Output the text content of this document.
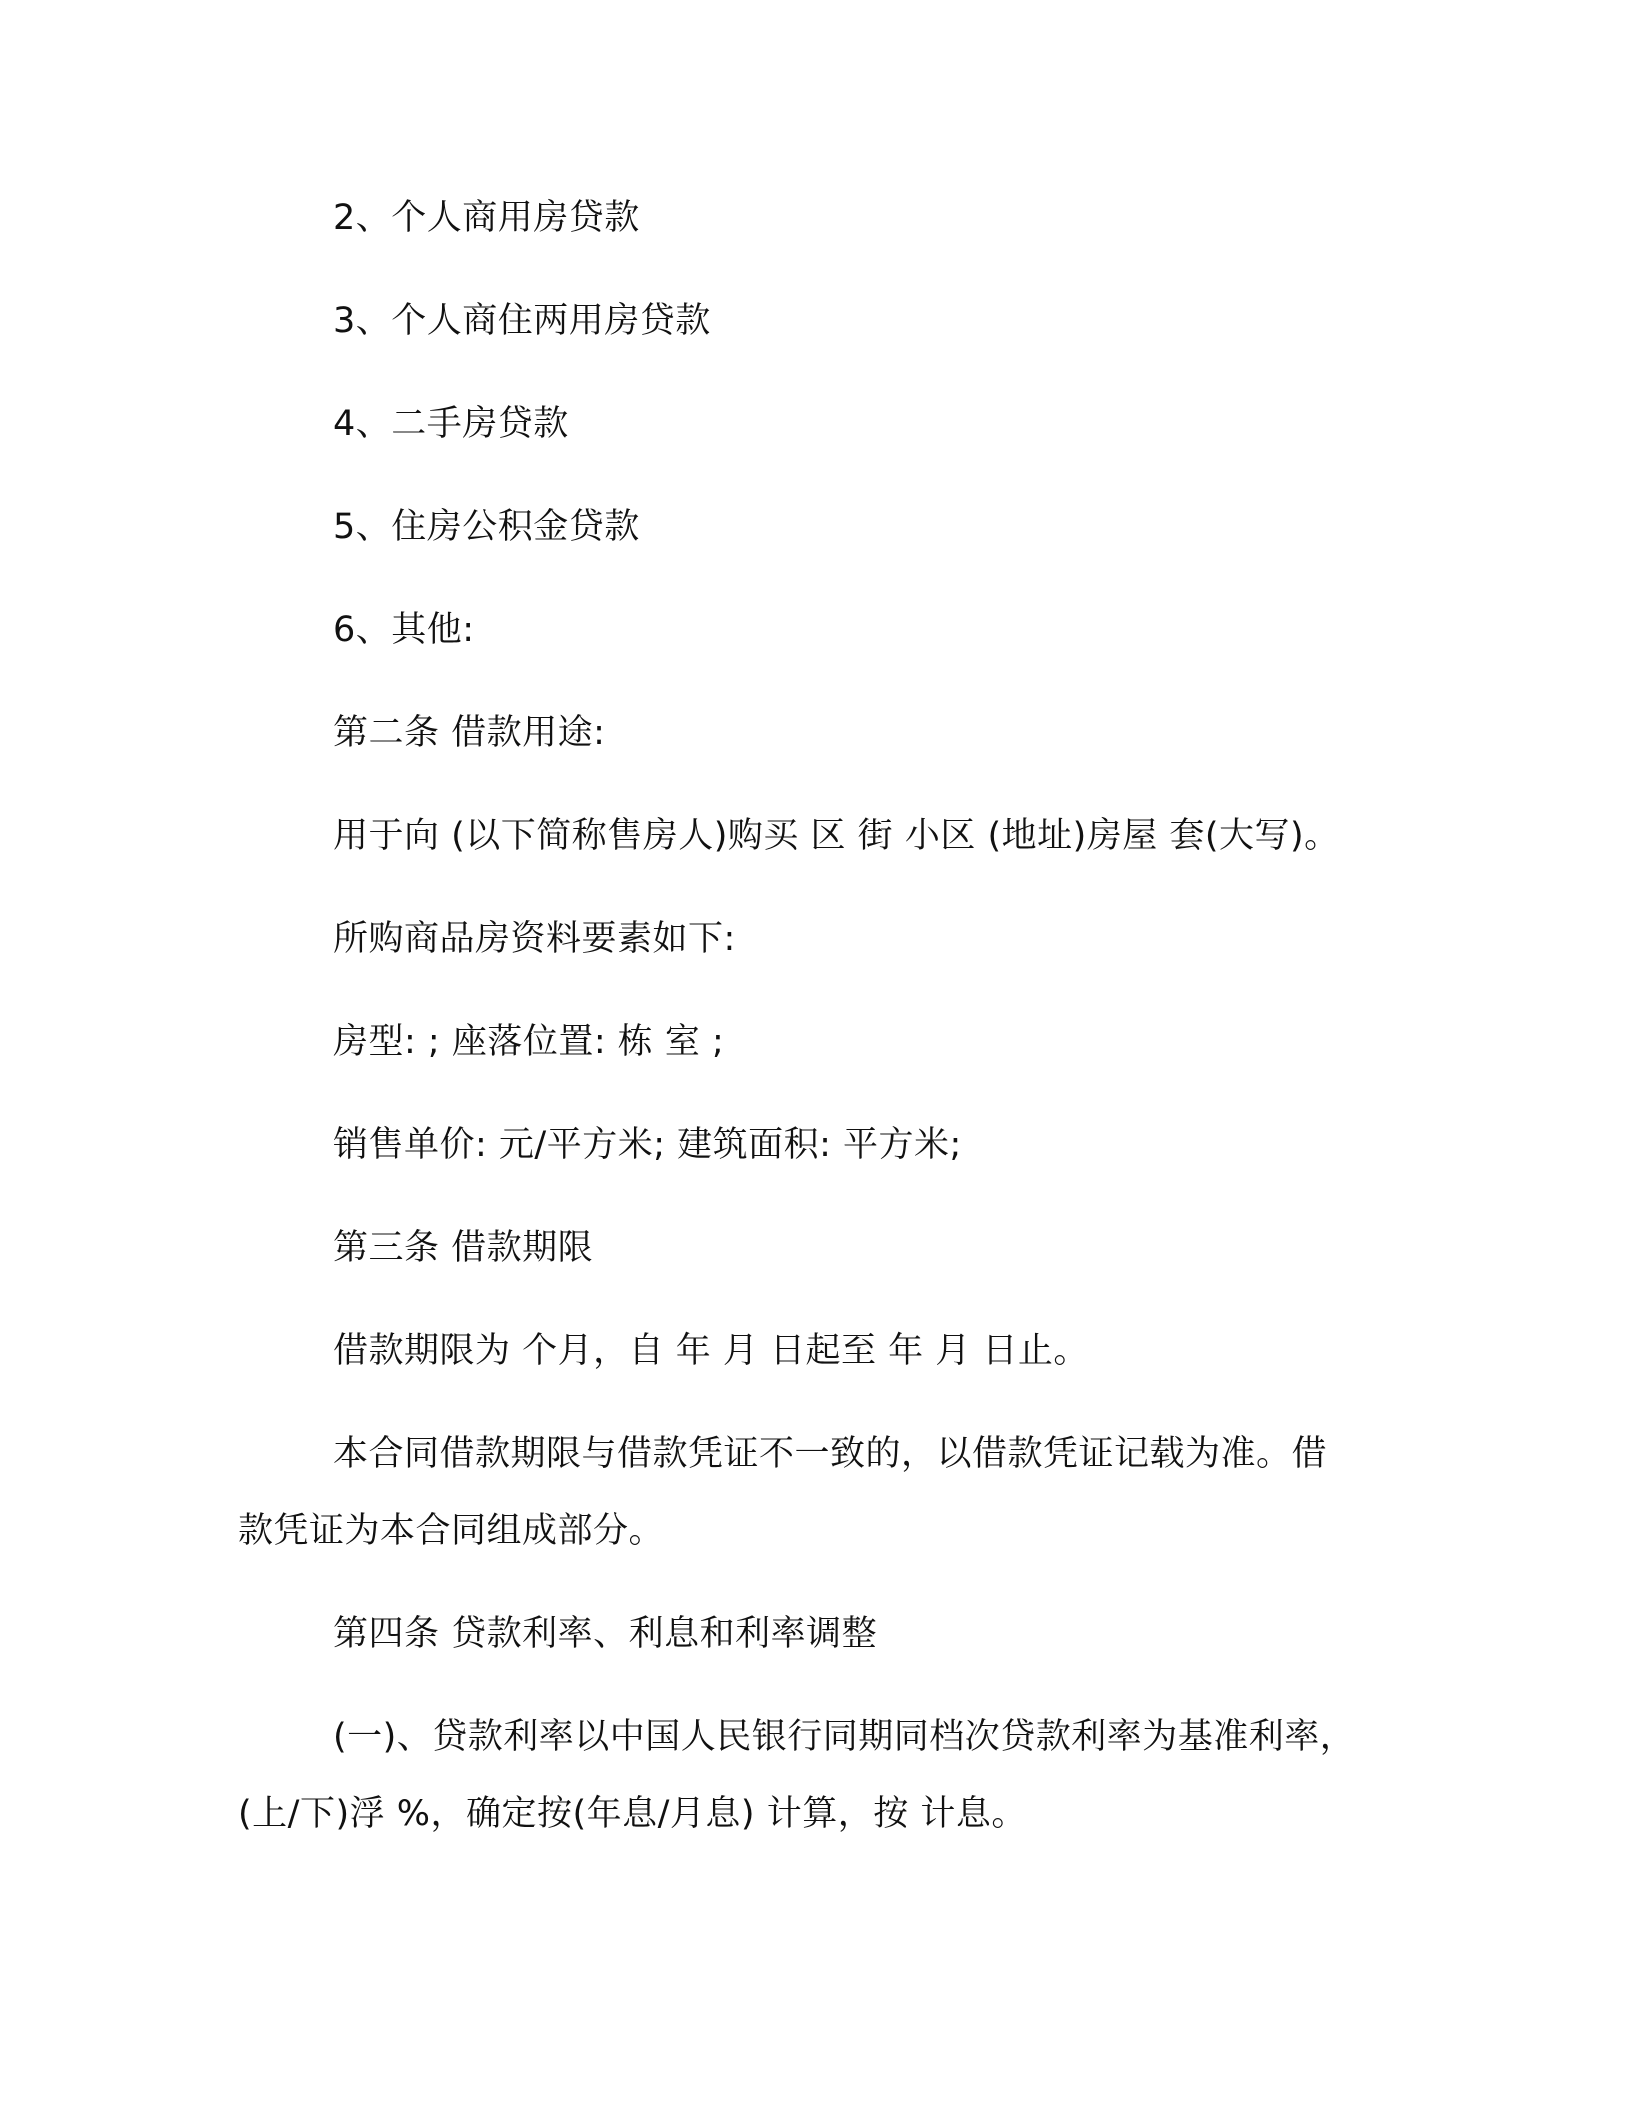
2、个人商用房贷款
3、个人商住两用房贷款
4、二手房贷款
5、住房公积金贷款
6、其他:
第二条 借款用途:
用于向 (以下简称售房人)购买 区 街 小区 (地址)房屋 套(大写)。
所购商品房资料要素如下:
房型: ; 座落位置: 栋 室 ;
销售单价: 元/平方米; 建筑面积: 平方米;
第三条 借款期限
借款期限为 个月，自 年 月 日起至 年 月 日止。
本合同借款期限与借款凭证不一致的，以借款凭证记载为准。借
款凭证为本合同组成部分。
第四条 贷款利率、利息和利率调整
(一)、贷款利率以中国人民银行同期同档次贷款利率为基准利率，
(上/下)浮 %，确定按(年息/月息) 计算，按 计息。
